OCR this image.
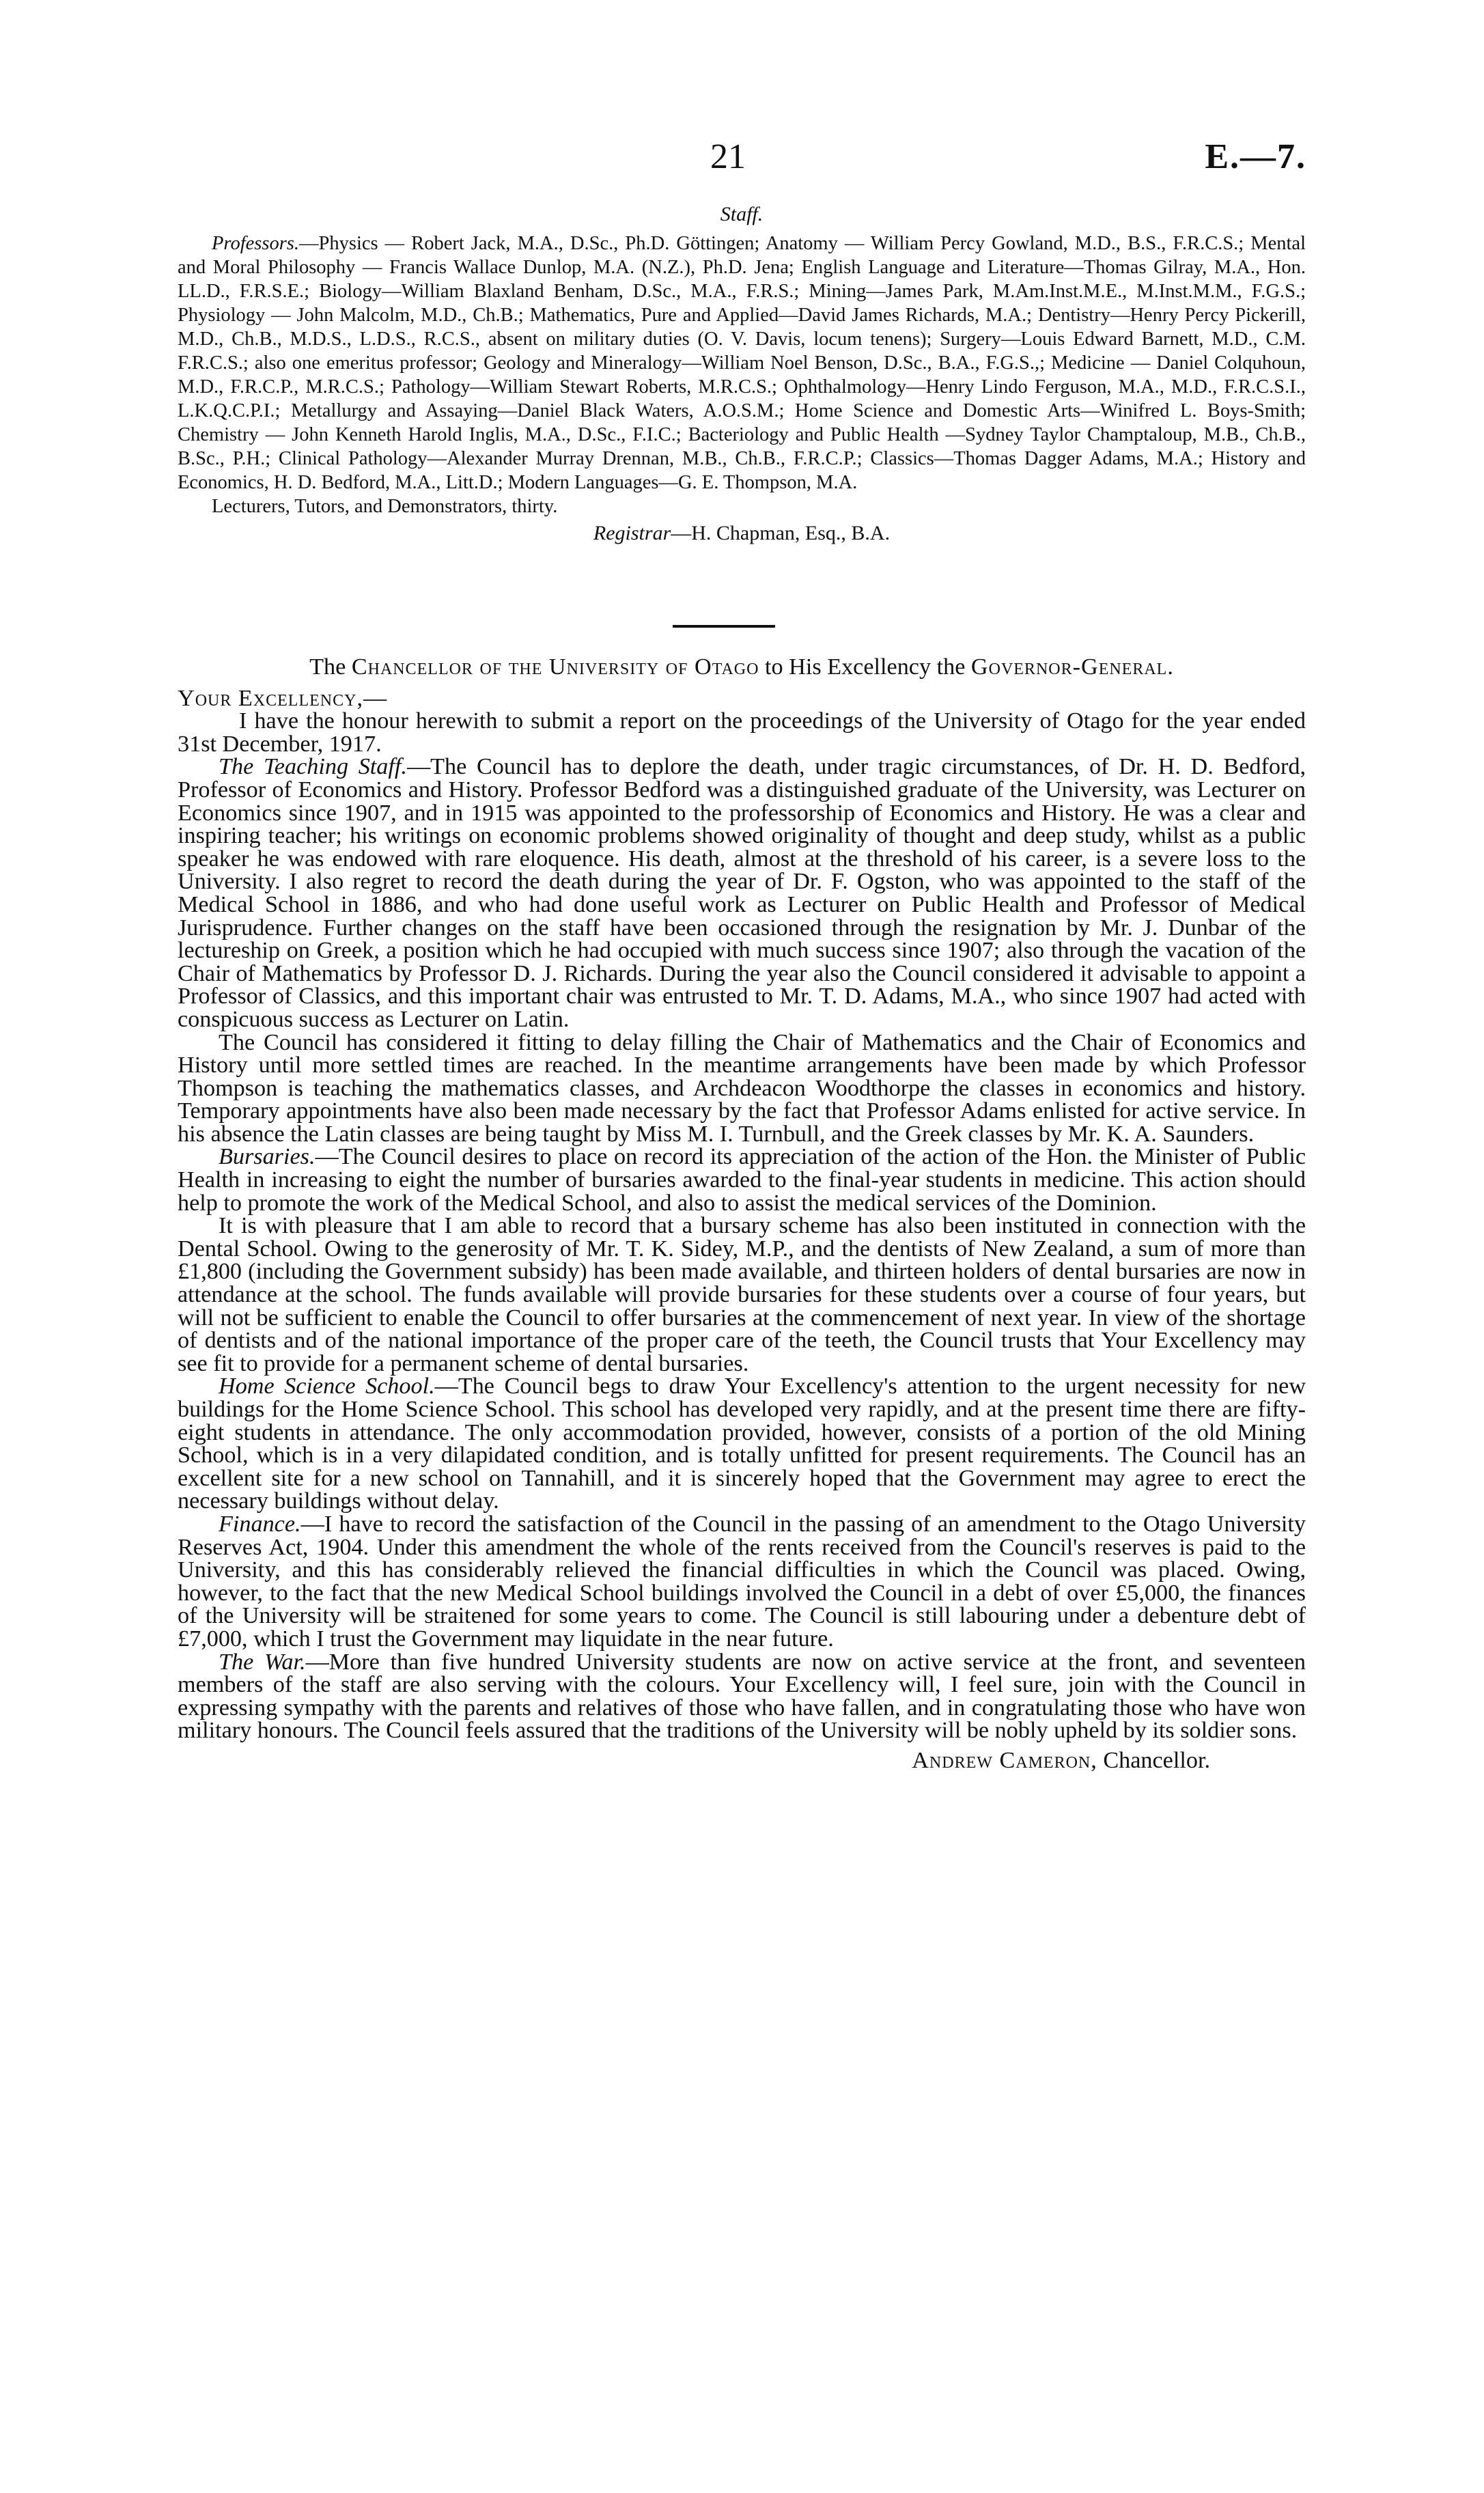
21	E.—7.
Staff.

Professors.—Physics — Robert Jack, M.A., D.Sc., Ph.D. Göttingen; Anatomy — William Percy Gowland, M.D., B.S., F.R.C.S.; Mental and Moral Philosophy — Francis Wallace Dunlop, M.A. (N.Z.), Ph.D. Jena; English Language and Literature—Thomas Gilray, M.A., Hon. LL.D., F.R.S.E.; Biology—William Blaxland Benham, D.Sc., M.A., F.R.S.; Mining—James Park, M.Am.Inst.M.E., M.Inst.M.M., F.G.S.; Physiology — John Malcolm, M.D., Ch.B.; Mathematics, Pure and Applied—David James Richards, M.A.; Dentistry—Henry Percy Pickerill, M.D., Ch.B., M.D.S., L.D.S., R.C.S., absent on military duties (O. V. Davis, locum tenens); Surgery—Louis Edward Barnett, M.D., C.M. F.R.C.S.; also one emeritus professor; Geology and Mineralogy—William Noel Benson, D.Sc., B.A., F.G.S.,; Medicine — Daniel Colquhoun, M.D., F.R.C.P., M.R.C.S.; Pathology—William Stewart Roberts, M.R.C.S.; Ophthalmology—Henry Lindo Ferguson, M.A., M.D., F.R.C.S.I., L.K.Q.C.P.I.; Metallurgy and Assaying—Daniel Black Waters, A.O.S.M.; Home Science and Domestic Arts—Winifred L. Boys-Smith; Chemistry — John Kenneth Harold Inglis, M.A., D.Sc., F.I.C.; Bacteriology and Public Health —Sydney Taylor Champtaloup, M.B., Ch.B., B.Sc., P.H.; Clinical Pathology—Alexander Murray Drennan, M.B., Ch.B., F.R.C.P.; Classics—Thomas Dagger Adams, M.A.; History and Economics, H. D. Bedford, M.A., Litt.D.; Modern Languages—G. E. Thompson, M.A.

Lecturers, Tutors, and Demonstrators, thirty.

Registrar—H. Chapman, Esq., B.A.
The Chancellor of the University of Otago to His Excellency the Governor-General.
Your Excellency,—

I have the honour herewith to submit a report on the proceedings of the University of Otago for the year ended 31st December, 1917.

The Teaching Staff.—The Council has to deplore the death, under tragic circumstances, of Dr. H. D. Bedford, Professor of Economics and History. Professor Bedford was a distinguished graduate of the University, was Lecturer on Economics since 1907, and in 1915 was appointed to the professorship of Economics and History. He was a clear and inspiring teacher; his writings on economic problems showed originality of thought and deep study, whilst as a public speaker he was endowed with rare eloquence. His death, almost at the threshold of his career, is a severe loss to the University. I also regret to record the death during the year of Dr. F. Ogston, who was appointed to the staff of the Medical School in 1886, and who had done useful work as Lecturer on Public Health and Professor of Medical Jurisprudence. Further changes on the staff have been occasioned through the resignation by Mr. J. Dunbar of the lectureship on Greek, a position which he had occupied with much success since 1907; also through the vacation of the Chair of Mathematics by Professor D. J. Richards. During the year also the Council considered it advisable to appoint a Professor of Classics, and this important chair was entrusted to Mr. T. D. Adams, M.A., who since 1907 had acted with conspicuous success as Lecturer on Latin.

The Council has considered it fitting to delay filling the Chair of Mathematics and the Chair of Economics and History until more settled times are reached. In the meantime arrangements have been made by which Professor Thompson is teaching the mathematics classes, and Archdeacon Woodthorpe the classes in economics and history. Temporary appointments have also been made necessary by the fact that Professor Adams enlisted for active service. In his absence the Latin classes are being taught by Miss M. I. Turnbull, and the Greek classes by Mr. K. A. Saunders.

Bursaries.—The Council desires to place on record its appreciation of the action of the Hon. the Minister of Public Health in increasing to eight the number of bursaries awarded to the final-year students in medicine. This action should help to promote the work of the Medical School, and also to assist the medical services of the Dominion.

It is with pleasure that I am able to record that a bursary scheme has also been instituted in connection with the Dental School. Owing to the generosity of Mr. T. K. Sidey, M.P., and the dentists of New Zealand, a sum of more than £1,800 (including the Government subsidy) has been made available, and thirteen holders of dental bursaries are now in attendance at the school. The funds available will provide bursaries for these students over a course of four years, but will not be sufficient to enable the Council to offer bursaries at the commencement of next year. In view of the shortage of dentists and of the national importance of the proper care of the teeth, the Council trusts that Your Excellency may see fit to provide for a permanent scheme of dental bursaries.

Home Science School.—The Council begs to draw Your Excellency's attention to the urgent necessity for new buildings for the Home Science School. This school has developed very rapidly, and at the present time there are fifty-eight students in attendance. The only accommodation provided, however, consists of a portion of the old Mining School, which is in a very dilapidated condition, and is totally unfitted for present requirements. The Council has an excellent site for a new school on Tannahill, and it is sincerely hoped that the Government may agree to erect the necessary buildings without delay.

Finance.—I have to record the satisfaction of the Council in the passing of an amendment to the Otago University Reserves Act, 1904. Under this amendment the whole of the rents received from the Council's reserves is paid to the University, and this has considerably relieved the financial difficulties in which the Council was placed. Owing, however, to the fact that the new Medical School buildings involved the Council in a debt of over £5,000, the finances of the University will be straitened for some years to come. The Council is still labouring under a debenture debt of £7,000, which I trust the Government may liquidate in the near future.

The War.—More than five hundred University students are now on active service at the front, and seventeen members of the staff are also serving with the colours. Your Excellency will, I feel sure, join with the Council in expressing sympathy with the parents and relatives of those who have fallen, and in congratulating those who have won military honours. The Council feels assured that the traditions of the University will be nobly upheld by its soldier sons.

Andrew Cameron, Chancellor.
